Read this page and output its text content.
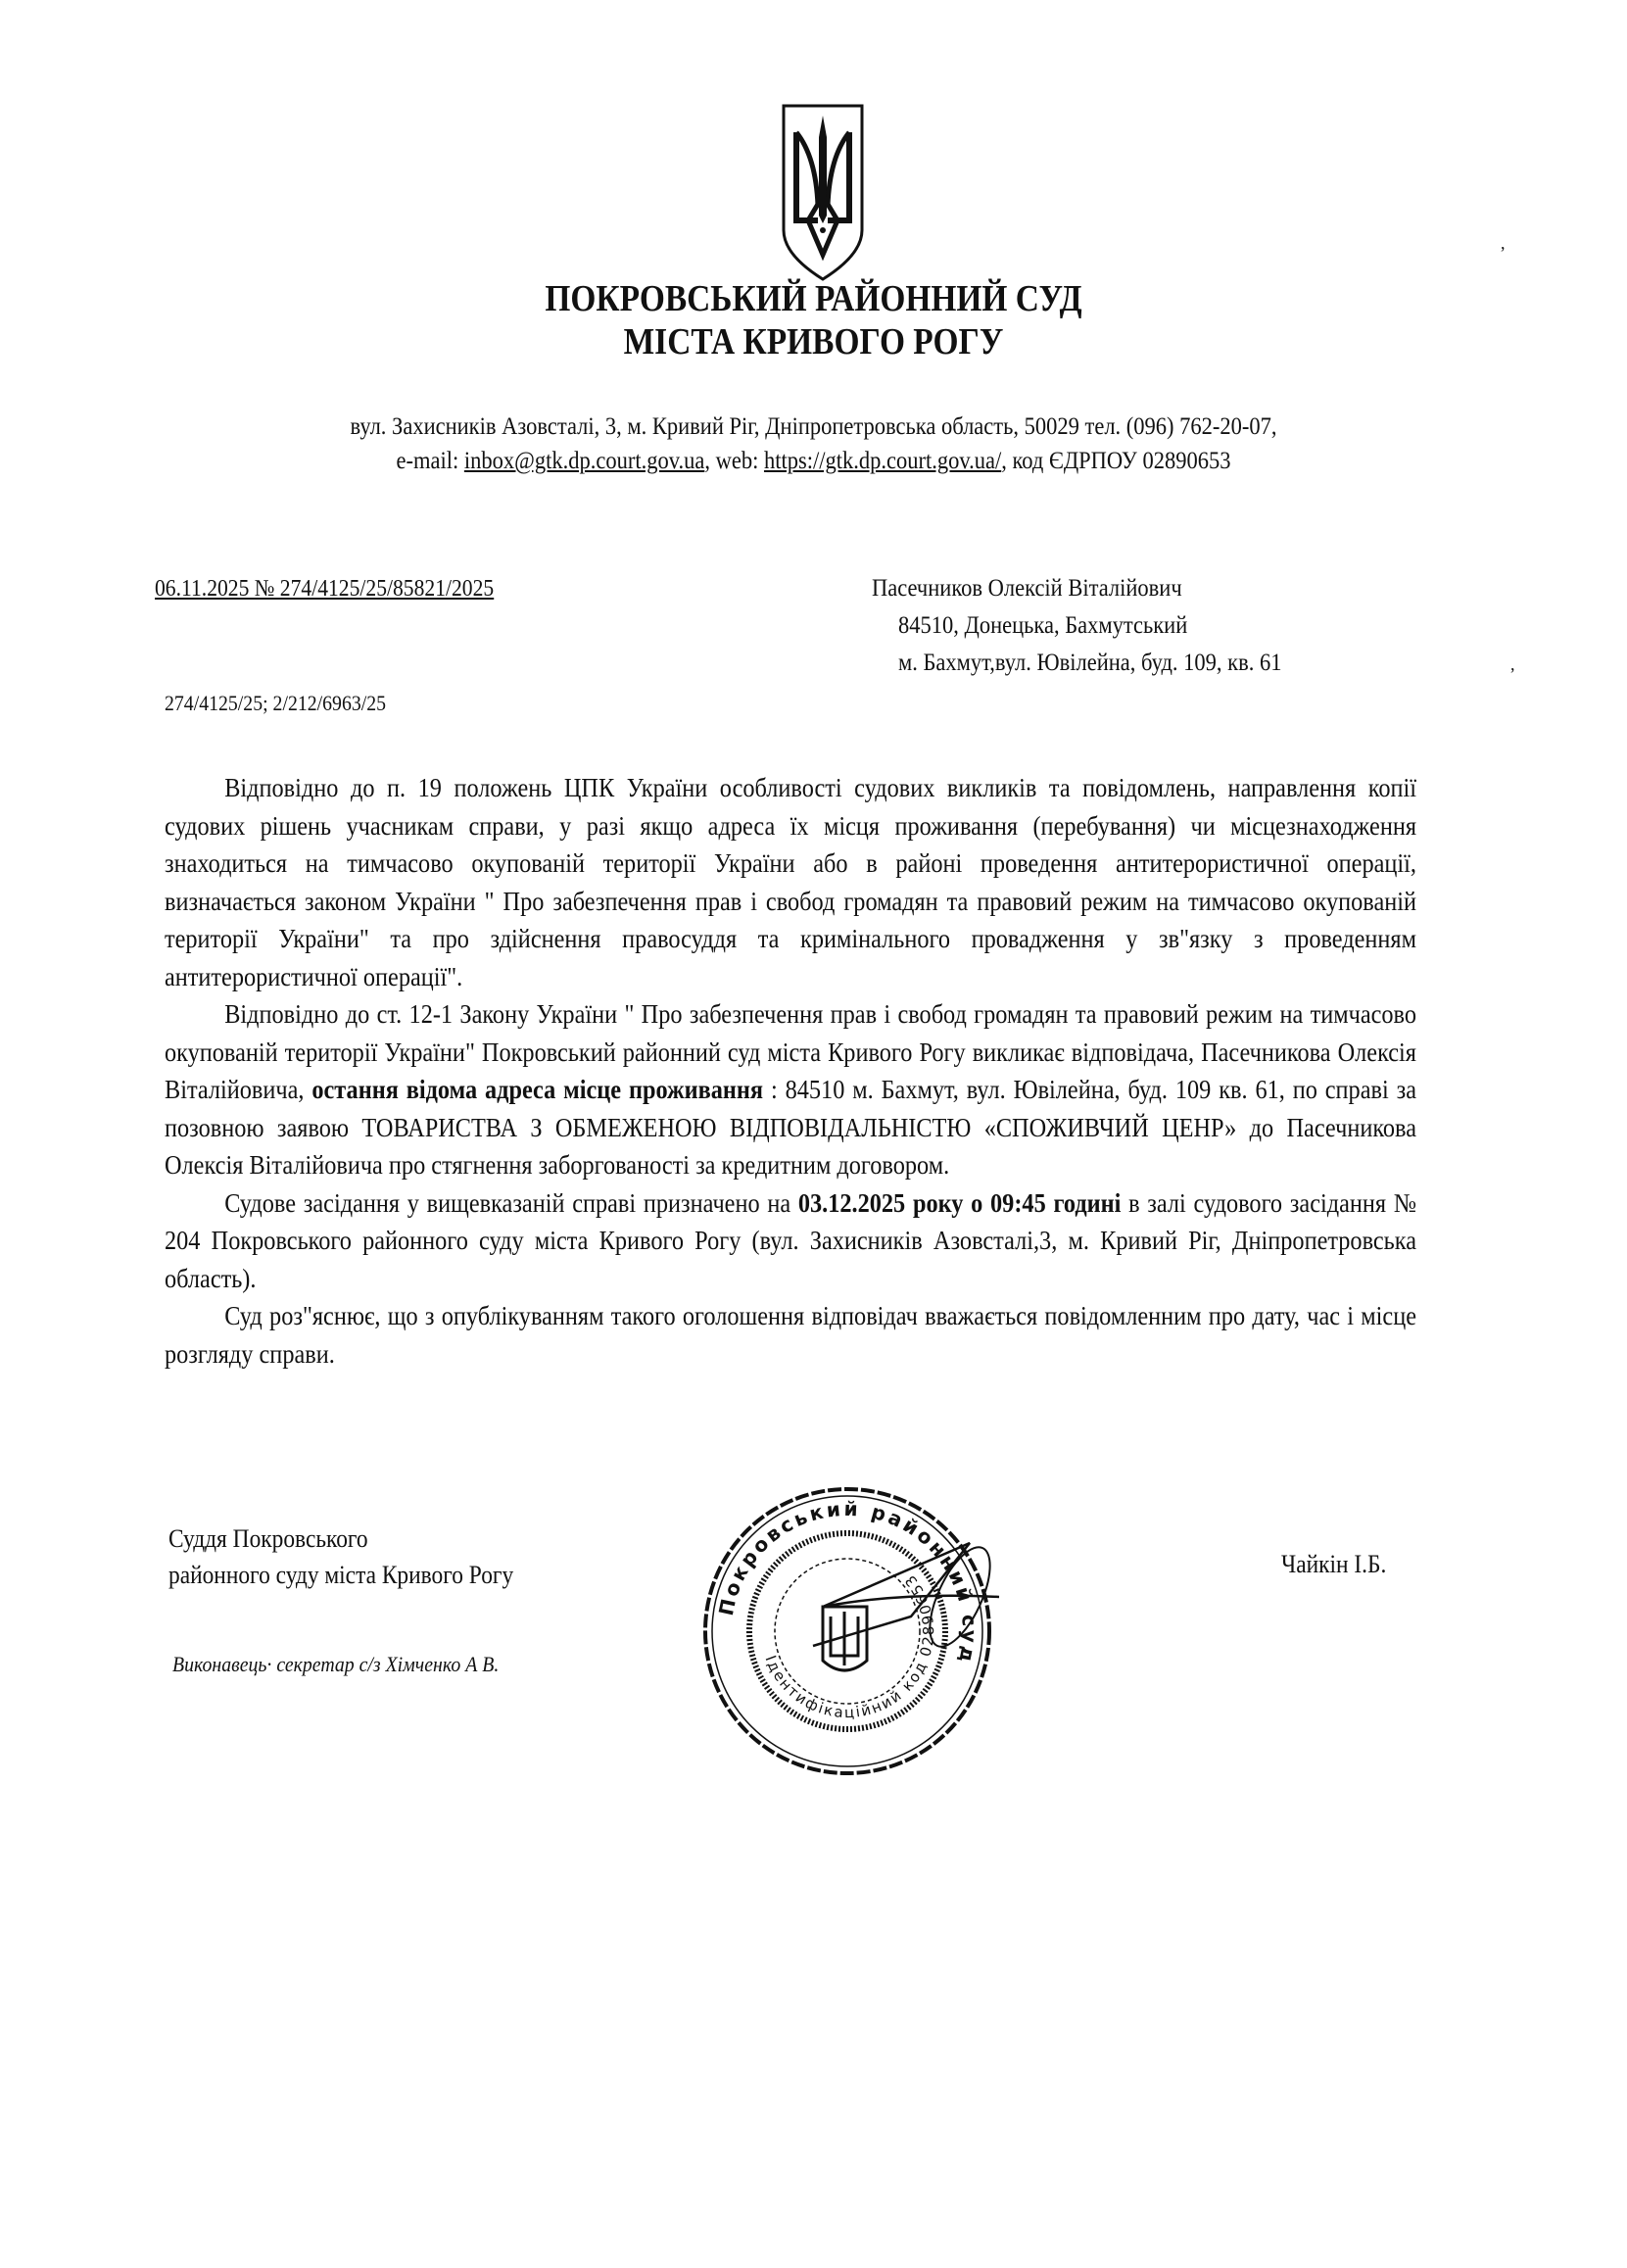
ПОКРОВСЬКИЙ РАЙОННИЙ СУД
МІСТА КРИВОГО РОГУ
вул. Захисників Азовсталі, 3, м. Кривий Ріг, Дніпропетровська область, 50029 тел. (096) 762-20-07,
e-mail: inbox@gtk.dp.court.gov.ua, web: https://gtk.dp.court.gov.ua/, код ЄДРПОУ 02890653
06.11.2025 № 274/4125/25/85821/2025	Пасечников Олексій Віталійович
84510, Донецька, Бахмутський
м. Бахмут,вул. Ювілейна, буд. 109, кв. 61
274/4125/25; 2/212/6963/25

Відповідно до п. 19 положень ЦПК України особливості судових викликів та повідомлень, направлення копії судових рішень учасникам справи, у разі якщо адреса їх місця проживання (перебування) чи місцезнаходження знаходиться на тимчасово окупованій території України або в районі проведення антитерористичної операції, визначається законом України " Про забезпечення прав і свобод громадян та правовий режим на тимчасово окупованій території України" та про здійснення правосуддя та кримінального провадження у зв"язку з проведенням антитерористичної операції".

Відповідно до ст. 12-1 Закону України " Про забезпечення прав і свобод громадян та правовий режим на тимчасово окупованій території України" Покровський районний суд міста Кривого Рогу викликає відповідача, Пасечникова Олексія Віталійовича, остання відома адреса місце проживання : 84510 м. Бахмут, вул. Ювілейна, буд. 109 кв. 61, по справі за позовною заявою ТОВАРИСТВА З ОБМЕЖЕНОЮ ВІДПОВІДАЛЬНІСТЮ «СПОЖИВЧИЙ ЦЕНР» до Пасечникова Олексія Віталійовича про стягнення заборгованості за кредитним договором.

Судове засідання у вищевказаній справі призначено на 03.12.2025 року о 09:45 годині в залі судового засідання № 204 Покровського районного суду міста Кривого Рогу (вул. Захисників Азовсталі,3, м. Кривий Ріг, Дніпропетровська область).

Суд роз"яснює, що з опублікуванням такого оголошення відповідач вважається повідомленним про дату, час і місце розгляду справи.

Суддя Покровського
районного суду міста Кривого Рогу
Виконавець· секретар с/з Хімченко А В.
Чайкін І.Б.
Покровський районний суд
Ідентифікаційний код 02890653
,
,
